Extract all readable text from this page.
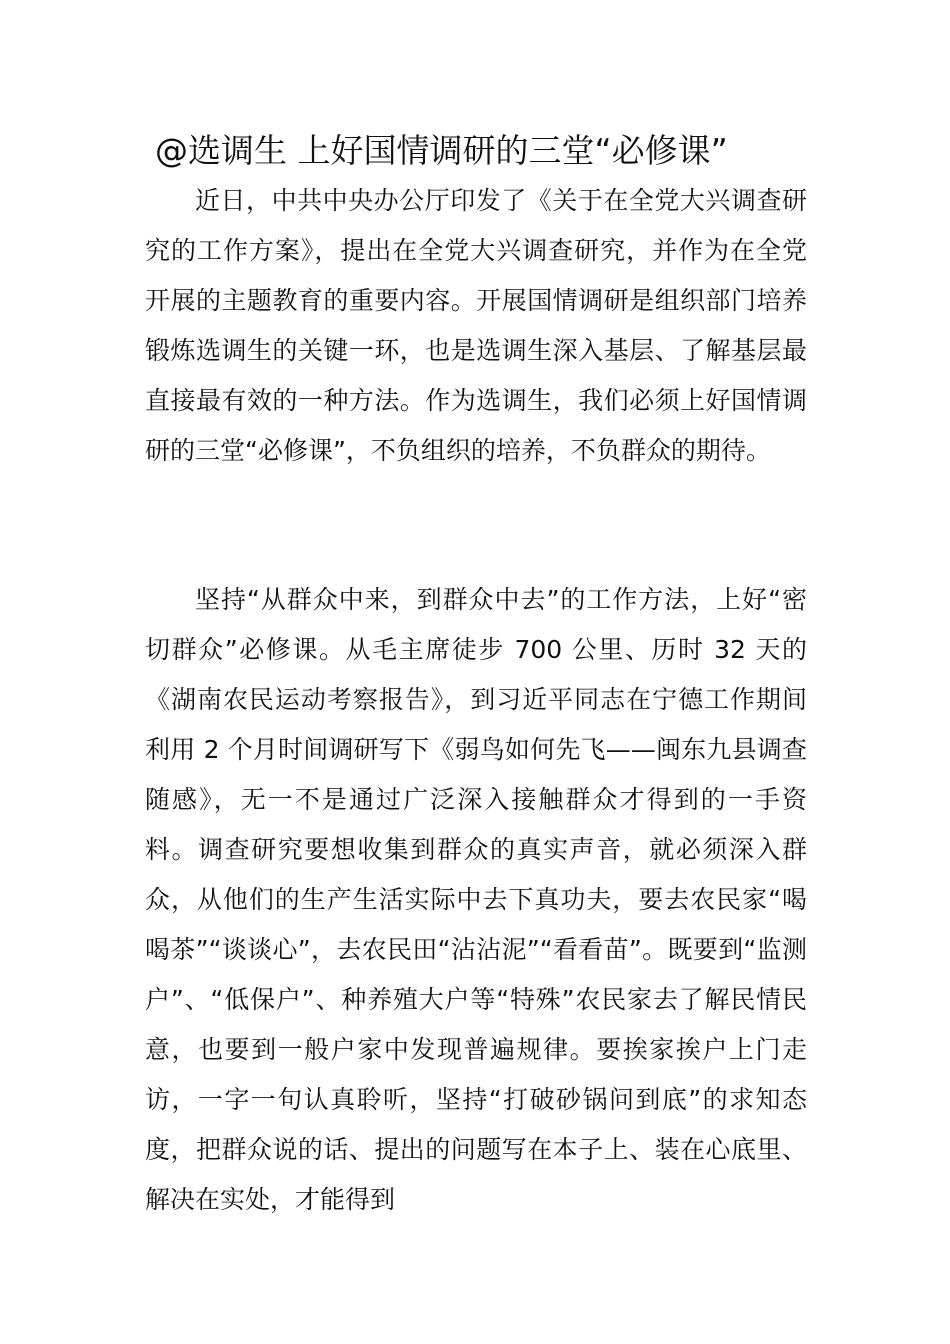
@选调生 上好国情调研的三堂“必修课”

近日，中共中央办公厅印发了《关于在全党大兴调查研究的工作方案》，提出在全党大兴调查研究，并作为在全党开展的主题教育的重要内容。开展国情调研是组织部门培养锻炼选调生的关键一环，也是选调生深入基层、了解基层最直接最有效的一种方法。作为选调生，我们必须上好国情调研的三堂“必修课”，不负组织的培养，不负群众的期待。

坚持“从群众中来，到群众中去”的工作方法，上好“密切群众”必修课。从毛主席徒步 700 公里、历时 32 天的《湖南农民运动考察报告》，到习近平同志在宁德工作期间利用 2 个月时间调研写下《弱鸟如何先飞——闽东九县调查随感》，无一不是通过广泛深入接触群众才得到的一手资料。调查研究要想收集到群众的真实声音，就必须深入群众，从他们的生产生活实际中去下真功夫，要去农民家“喝喝茶”“谈谈心”，去农民田“沾沾泥”“看看苗”。既要到“监测户”、“低保户”、种养殖大户等“特殊”农民家去了解民情民意，也要到一般户家中发现普遍规律。要挨家挨户上门走访，一字一句认真聆听，坚持“打破砂锅问到底”的求知态度，把群众说的话、提出的问题写在本子上、装在心底里、解决在实处，才能得到
